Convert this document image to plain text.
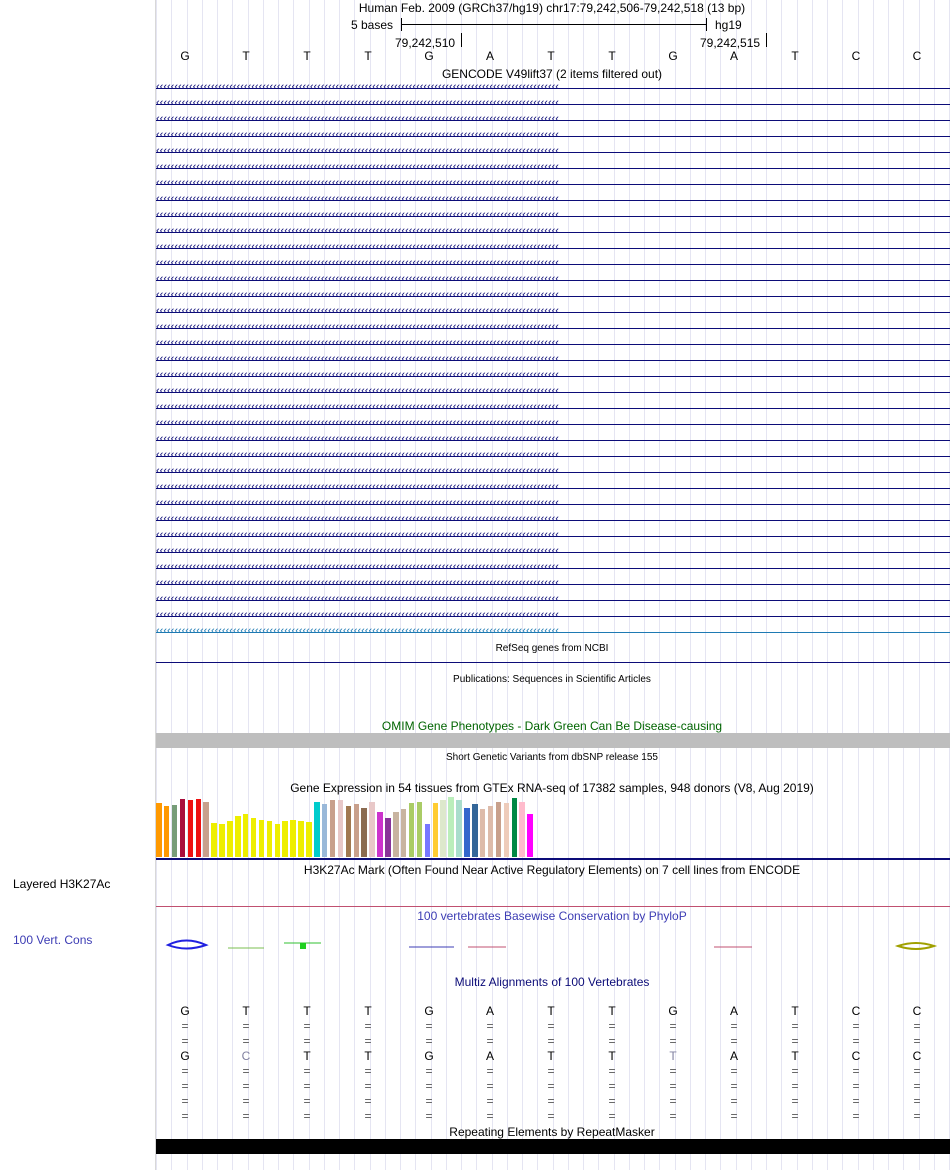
Layered H3K27Ac
100 Vert. Cons
Human Feb. 2009 (GRCh37/hg19) chr17:79,242,506-79,242,518 (13 bp)
5 bases	hg19
79,242,510	79,242,515
G	T	T	T	G	A	T	T	G	A	T	C	C
GENCODE V49lift37 (2 items filtered out)
‹‹‹‹‹‹‹‹‹‹‹‹‹‹‹‹‹‹‹‹‹‹‹‹‹‹‹‹‹‹‹‹‹‹‹‹‹‹‹‹‹‹‹‹‹‹‹‹‹‹‹‹‹‹‹‹‹‹‹‹‹‹‹‹‹‹‹‹‹‹‹‹‹‹‹‹‹‹‹‹‹‹‹‹‹‹‹‹‹‹‹‹‹‹‹‹‹‹‹‹‹‹‹‹‹‹‹‹‹‹
‹‹‹‹‹‹‹‹‹‹‹‹‹‹‹‹‹‹‹‹‹‹‹‹‹‹‹‹‹‹‹‹‹‹‹‹‹‹‹‹‹‹‹‹‹‹‹‹‹‹‹‹‹‹‹‹‹‹‹‹‹‹‹‹‹‹‹‹‹‹‹‹‹‹‹‹‹‹‹‹‹‹‹‹‹‹‹‹‹‹‹‹‹‹‹‹‹‹‹‹‹‹‹‹‹‹‹‹‹‹
‹‹‹‹‹‹‹‹‹‹‹‹‹‹‹‹‹‹‹‹‹‹‹‹‹‹‹‹‹‹‹‹‹‹‹‹‹‹‹‹‹‹‹‹‹‹‹‹‹‹‹‹‹‹‹‹‹‹‹‹‹‹‹‹‹‹‹‹‹‹‹‹‹‹‹‹‹‹‹‹‹‹‹‹‹‹‹‹‹‹‹‹‹‹‹‹‹‹‹‹‹‹‹‹‹‹‹‹‹‹
‹‹‹‹‹‹‹‹‹‹‹‹‹‹‹‹‹‹‹‹‹‹‹‹‹‹‹‹‹‹‹‹‹‹‹‹‹‹‹‹‹‹‹‹‹‹‹‹‹‹‹‹‹‹‹‹‹‹‹‹‹‹‹‹‹‹‹‹‹‹‹‹‹‹‹‹‹‹‹‹‹‹‹‹‹‹‹‹‹‹‹‹‹‹‹‹‹‹‹‹‹‹‹‹‹‹‹‹‹‹
‹‹‹‹‹‹‹‹‹‹‹‹‹‹‹‹‹‹‹‹‹‹‹‹‹‹‹‹‹‹‹‹‹‹‹‹‹‹‹‹‹‹‹‹‹‹‹‹‹‹‹‹‹‹‹‹‹‹‹‹‹‹‹‹‹‹‹‹‹‹‹‹‹‹‹‹‹‹‹‹‹‹‹‹‹‹‹‹‹‹‹‹‹‹‹‹‹‹‹‹‹‹‹‹‹‹‹‹‹‹
‹‹‹‹‹‹‹‹‹‹‹‹‹‹‹‹‹‹‹‹‹‹‹‹‹‹‹‹‹‹‹‹‹‹‹‹‹‹‹‹‹‹‹‹‹‹‹‹‹‹‹‹‹‹‹‹‹‹‹‹‹‹‹‹‹‹‹‹‹‹‹‹‹‹‹‹‹‹‹‹‹‹‹‹‹‹‹‹‹‹‹‹‹‹‹‹‹‹‹‹‹‹‹‹‹‹‹‹‹‹
‹‹‹‹‹‹‹‹‹‹‹‹‹‹‹‹‹‹‹‹‹‹‹‹‹‹‹‹‹‹‹‹‹‹‹‹‹‹‹‹‹‹‹‹‹‹‹‹‹‹‹‹‹‹‹‹‹‹‹‹‹‹‹‹‹‹‹‹‹‹‹‹‹‹‹‹‹‹‹‹‹‹‹‹‹‹‹‹‹‹‹‹‹‹‹‹‹‹‹‹‹‹‹‹‹‹‹‹‹‹
‹‹‹‹‹‹‹‹‹‹‹‹‹‹‹‹‹‹‹‹‹‹‹‹‹‹‹‹‹‹‹‹‹‹‹‹‹‹‹‹‹‹‹‹‹‹‹‹‹‹‹‹‹‹‹‹‹‹‹‹‹‹‹‹‹‹‹‹‹‹‹‹‹‹‹‹‹‹‹‹‹‹‹‹‹‹‹‹‹‹‹‹‹‹‹‹‹‹‹‹‹‹‹‹‹‹‹‹‹‹
‹‹‹‹‹‹‹‹‹‹‹‹‹‹‹‹‹‹‹‹‹‹‹‹‹‹‹‹‹‹‹‹‹‹‹‹‹‹‹‹‹‹‹‹‹‹‹‹‹‹‹‹‹‹‹‹‹‹‹‹‹‹‹‹‹‹‹‹‹‹‹‹‹‹‹‹‹‹‹‹‹‹‹‹‹‹‹‹‹‹‹‹‹‹‹‹‹‹‹‹‹‹‹‹‹‹‹‹‹‹
‹‹‹‹‹‹‹‹‹‹‹‹‹‹‹‹‹‹‹‹‹‹‹‹‹‹‹‹‹‹‹‹‹‹‹‹‹‹‹‹‹‹‹‹‹‹‹‹‹‹‹‹‹‹‹‹‹‹‹‹‹‹‹‹‹‹‹‹‹‹‹‹‹‹‹‹‹‹‹‹‹‹‹‹‹‹‹‹‹‹‹‹‹‹‹‹‹‹‹‹‹‹‹‹‹‹‹‹‹‹
‹‹‹‹‹‹‹‹‹‹‹‹‹‹‹‹‹‹‹‹‹‹‹‹‹‹‹‹‹‹‹‹‹‹‹‹‹‹‹‹‹‹‹‹‹‹‹‹‹‹‹‹‹‹‹‹‹‹‹‹‹‹‹‹‹‹‹‹‹‹‹‹‹‹‹‹‹‹‹‹‹‹‹‹‹‹‹‹‹‹‹‹‹‹‹‹‹‹‹‹‹‹‹‹‹‹‹‹‹‹
‹‹‹‹‹‹‹‹‹‹‹‹‹‹‹‹‹‹‹‹‹‹‹‹‹‹‹‹‹‹‹‹‹‹‹‹‹‹‹‹‹‹‹‹‹‹‹‹‹‹‹‹‹‹‹‹‹‹‹‹‹‹‹‹‹‹‹‹‹‹‹‹‹‹‹‹‹‹‹‹‹‹‹‹‹‹‹‹‹‹‹‹‹‹‹‹‹‹‹‹‹‹‹‹‹‹‹‹‹‹
‹‹‹‹‹‹‹‹‹‹‹‹‹‹‹‹‹‹‹‹‹‹‹‹‹‹‹‹‹‹‹‹‹‹‹‹‹‹‹‹‹‹‹‹‹‹‹‹‹‹‹‹‹‹‹‹‹‹‹‹‹‹‹‹‹‹‹‹‹‹‹‹‹‹‹‹‹‹‹‹‹‹‹‹‹‹‹‹‹‹‹‹‹‹‹‹‹‹‹‹‹‹‹‹‹‹‹‹‹‹
‹‹‹‹‹‹‹‹‹‹‹‹‹‹‹‹‹‹‹‹‹‹‹‹‹‹‹‹‹‹‹‹‹‹‹‹‹‹‹‹‹‹‹‹‹‹‹‹‹‹‹‹‹‹‹‹‹‹‹‹‹‹‹‹‹‹‹‹‹‹‹‹‹‹‹‹‹‹‹‹‹‹‹‹‹‹‹‹‹‹‹‹‹‹‹‹‹‹‹‹‹‹‹‹‹‹‹‹‹‹
‹‹‹‹‹‹‹‹‹‹‹‹‹‹‹‹‹‹‹‹‹‹‹‹‹‹‹‹‹‹‹‹‹‹‹‹‹‹‹‹‹‹‹‹‹‹‹‹‹‹‹‹‹‹‹‹‹‹‹‹‹‹‹‹‹‹‹‹‹‹‹‹‹‹‹‹‹‹‹‹‹‹‹‹‹‹‹‹‹‹‹‹‹‹‹‹‹‹‹‹‹‹‹‹‹‹‹‹‹‹
‹‹‹‹‹‹‹‹‹‹‹‹‹‹‹‹‹‹‹‹‹‹‹‹‹‹‹‹‹‹‹‹‹‹‹‹‹‹‹‹‹‹‹‹‹‹‹‹‹‹‹‹‹‹‹‹‹‹‹‹‹‹‹‹‹‹‹‹‹‹‹‹‹‹‹‹‹‹‹‹‹‹‹‹‹‹‹‹‹‹‹‹‹‹‹‹‹‹‹‹‹‹‹‹‹‹‹‹‹‹
‹‹‹‹‹‹‹‹‹‹‹‹‹‹‹‹‹‹‹‹‹‹‹‹‹‹‹‹‹‹‹‹‹‹‹‹‹‹‹‹‹‹‹‹‹‹‹‹‹‹‹‹‹‹‹‹‹‹‹‹‹‹‹‹‹‹‹‹‹‹‹‹‹‹‹‹‹‹‹‹‹‹‹‹‹‹‹‹‹‹‹‹‹‹‹‹‹‹‹‹‹‹‹‹‹‹‹‹‹‹
‹‹‹‹‹‹‹‹‹‹‹‹‹‹‹‹‹‹‹‹‹‹‹‹‹‹‹‹‹‹‹‹‹‹‹‹‹‹‹‹‹‹‹‹‹‹‹‹‹‹‹‹‹‹‹‹‹‹‹‹‹‹‹‹‹‹‹‹‹‹‹‹‹‹‹‹‹‹‹‹‹‹‹‹‹‹‹‹‹‹‹‹‹‹‹‹‹‹‹‹‹‹‹‹‹‹‹‹‹‹
‹‹‹‹‹‹‹‹‹‹‹‹‹‹‹‹‹‹‹‹‹‹‹‹‹‹‹‹‹‹‹‹‹‹‹‹‹‹‹‹‹‹‹‹‹‹‹‹‹‹‹‹‹‹‹‹‹‹‹‹‹‹‹‹‹‹‹‹‹‹‹‹‹‹‹‹‹‹‹‹‹‹‹‹‹‹‹‹‹‹‹‹‹‹‹‹‹‹‹‹‹‹‹‹‹‹‹‹‹‹
‹‹‹‹‹‹‹‹‹‹‹‹‹‹‹‹‹‹‹‹‹‹‹‹‹‹‹‹‹‹‹‹‹‹‹‹‹‹‹‹‹‹‹‹‹‹‹‹‹‹‹‹‹‹‹‹‹‹‹‹‹‹‹‹‹‹‹‹‹‹‹‹‹‹‹‹‹‹‹‹‹‹‹‹‹‹‹‹‹‹‹‹‹‹‹‹‹‹‹‹‹‹‹‹‹‹‹‹‹‹
‹‹‹‹‹‹‹‹‹‹‹‹‹‹‹‹‹‹‹‹‹‹‹‹‹‹‹‹‹‹‹‹‹‹‹‹‹‹‹‹‹‹‹‹‹‹‹‹‹‹‹‹‹‹‹‹‹‹‹‹‹‹‹‹‹‹‹‹‹‹‹‹‹‹‹‹‹‹‹‹‹‹‹‹‹‹‹‹‹‹‹‹‹‹‹‹‹‹‹‹‹‹‹‹‹‹‹‹‹‹
‹‹‹‹‹‹‹‹‹‹‹‹‹‹‹‹‹‹‹‹‹‹‹‹‹‹‹‹‹‹‹‹‹‹‹‹‹‹‹‹‹‹‹‹‹‹‹‹‹‹‹‹‹‹‹‹‹‹‹‹‹‹‹‹‹‹‹‹‹‹‹‹‹‹‹‹‹‹‹‹‹‹‹‹‹‹‹‹‹‹‹‹‹‹‹‹‹‹‹‹‹‹‹‹‹‹‹‹‹‹
‹‹‹‹‹‹‹‹‹‹‹‹‹‹‹‹‹‹‹‹‹‹‹‹‹‹‹‹‹‹‹‹‹‹‹‹‹‹‹‹‹‹‹‹‹‹‹‹‹‹‹‹‹‹‹‹‹‹‹‹‹‹‹‹‹‹‹‹‹‹‹‹‹‹‹‹‹‹‹‹‹‹‹‹‹‹‹‹‹‹‹‹‹‹‹‹‹‹‹‹‹‹‹‹‹‹‹‹‹‹
‹‹‹‹‹‹‹‹‹‹‹‹‹‹‹‹‹‹‹‹‹‹‹‹‹‹‹‹‹‹‹‹‹‹‹‹‹‹‹‹‹‹‹‹‹‹‹‹‹‹‹‹‹‹‹‹‹‹‹‹‹‹‹‹‹‹‹‹‹‹‹‹‹‹‹‹‹‹‹‹‹‹‹‹‹‹‹‹‹‹‹‹‹‹‹‹‹‹‹‹‹‹‹‹‹‹‹‹‹‹
‹‹‹‹‹‹‹‹‹‹‹‹‹‹‹‹‹‹‹‹‹‹‹‹‹‹‹‹‹‹‹‹‹‹‹‹‹‹‹‹‹‹‹‹‹‹‹‹‹‹‹‹‹‹‹‹‹‹‹‹‹‹‹‹‹‹‹‹‹‹‹‹‹‹‹‹‹‹‹‹‹‹‹‹‹‹‹‹‹‹‹‹‹‹‹‹‹‹‹‹‹‹‹‹‹‹‹‹‹‹
‹‹‹‹‹‹‹‹‹‹‹‹‹‹‹‹‹‹‹‹‹‹‹‹‹‹‹‹‹‹‹‹‹‹‹‹‹‹‹‹‹‹‹‹‹‹‹‹‹‹‹‹‹‹‹‹‹‹‹‹‹‹‹‹‹‹‹‹‹‹‹‹‹‹‹‹‹‹‹‹‹‹‹‹‹‹‹‹‹‹‹‹‹‹‹‹‹‹‹‹‹‹‹‹‹‹‹‹‹‹
‹‹‹‹‹‹‹‹‹‹‹‹‹‹‹‹‹‹‹‹‹‹‹‹‹‹‹‹‹‹‹‹‹‹‹‹‹‹‹‹‹‹‹‹‹‹‹‹‹‹‹‹‹‹‹‹‹‹‹‹‹‹‹‹‹‹‹‹‹‹‹‹‹‹‹‹‹‹‹‹‹‹‹‹‹‹‹‹‹‹‹‹‹‹‹‹‹‹‹‹‹‹‹‹‹‹‹‹‹‹
‹‹‹‹‹‹‹‹‹‹‹‹‹‹‹‹‹‹‹‹‹‹‹‹‹‹‹‹‹‹‹‹‹‹‹‹‹‹‹‹‹‹‹‹‹‹‹‹‹‹‹‹‹‹‹‹‹‹‹‹‹‹‹‹‹‹‹‹‹‹‹‹‹‹‹‹‹‹‹‹‹‹‹‹‹‹‹‹‹‹‹‹‹‹‹‹‹‹‹‹‹‹‹‹‹‹‹‹‹‹
‹‹‹‹‹‹‹‹‹‹‹‹‹‹‹‹‹‹‹‹‹‹‹‹‹‹‹‹‹‹‹‹‹‹‹‹‹‹‹‹‹‹‹‹‹‹‹‹‹‹‹‹‹‹‹‹‹‹‹‹‹‹‹‹‹‹‹‹‹‹‹‹‹‹‹‹‹‹‹‹‹‹‹‹‹‹‹‹‹‹‹‹‹‹‹‹‹‹‹‹‹‹‹‹‹‹‹‹‹‹
‹‹‹‹‹‹‹‹‹‹‹‹‹‹‹‹‹‹‹‹‹‹‹‹‹‹‹‹‹‹‹‹‹‹‹‹‹‹‹‹‹‹‹‹‹‹‹‹‹‹‹‹‹‹‹‹‹‹‹‹‹‹‹‹‹‹‹‹‹‹‹‹‹‹‹‹‹‹‹‹‹‹‹‹‹‹‹‹‹‹‹‹‹‹‹‹‹‹‹‹‹‹‹‹‹‹‹‹‹‹
‹‹‹‹‹‹‹‹‹‹‹‹‹‹‹‹‹‹‹‹‹‹‹‹‹‹‹‹‹‹‹‹‹‹‹‹‹‹‹‹‹‹‹‹‹‹‹‹‹‹‹‹‹‹‹‹‹‹‹‹‹‹‹‹‹‹‹‹‹‹‹‹‹‹‹‹‹‹‹‹‹‹‹‹‹‹‹‹‹‹‹‹‹‹‹‹‹‹‹‹‹‹‹‹‹‹‹‹‹‹
‹‹‹‹‹‹‹‹‹‹‹‹‹‹‹‹‹‹‹‹‹‹‹‹‹‹‹‹‹‹‹‹‹‹‹‹‹‹‹‹‹‹‹‹‹‹‹‹‹‹‹‹‹‹‹‹‹‹‹‹‹‹‹‹‹‹‹‹‹‹‹‹‹‹‹‹‹‹‹‹‹‹‹‹‹‹‹‹‹‹‹‹‹‹‹‹‹‹‹‹‹‹‹‹‹‹‹‹‹‹
‹‹‹‹‹‹‹‹‹‹‹‹‹‹‹‹‹‹‹‹‹‹‹‹‹‹‹‹‹‹‹‹‹‹‹‹‹‹‹‹‹‹‹‹‹‹‹‹‹‹‹‹‹‹‹‹‹‹‹‹‹‹‹‹‹‹‹‹‹‹‹‹‹‹‹‹‹‹‹‹‹‹‹‹‹‹‹‹‹‹‹‹‹‹‹‹‹‹‹‹‹‹‹‹‹‹‹‹‹‹
‹‹‹‹‹‹‹‹‹‹‹‹‹‹‹‹‹‹‹‹‹‹‹‹‹‹‹‹‹‹‹‹‹‹‹‹‹‹‹‹‹‹‹‹‹‹‹‹‹‹‹‹‹‹‹‹‹‹‹‹‹‹‹‹‹‹‹‹‹‹‹‹‹‹‹‹‹‹‹‹‹‹‹‹‹‹‹‹‹‹‹‹‹‹‹‹‹‹‹‹‹‹‹‹‹‹‹‹‹‹
‹‹‹‹‹‹‹‹‹‹‹‹‹‹‹‹‹‹‹‹‹‹‹‹‹‹‹‹‹‹‹‹‹‹‹‹‹‹‹‹‹‹‹‹‹‹‹‹‹‹‹‹‹‹‹‹‹‹‹‹‹‹‹‹‹‹‹‹‹‹‹‹‹‹‹‹‹‹‹‹‹‹‹‹‹‹‹‹‹‹‹‹‹‹‹‹‹‹‹‹‹‹‹‹‹‹‹‹‹‹
RefSeq genes from NCBI
Publications: Sequences in Scientific Articles
OMIM Gene Phenotypes - Dark Green Can Be Disease-causing
Short Genetic Variants from dbSNP release 155
Gene Expression in 54 tissues from GTEx RNA-seq of 17382 samples, 948 donors (V8, Aug 2019)
H3K27Ac Mark (Often Found Near Active Regulatory Elements) on 7 cell lines from ENCODE
100 vertebrates Basewise Conservation by PhyloP
Multiz Alignments of 100 Vertebrates
G	T	T	T	G	A	T	T	G	A	T	C	C
=	=	=	=	=	=	=	=	=	=	=	=	=
=	=	=	=	=	=	=	=	=	=	=	=	=
G	C	T	T	G	A	T	T	T	A	T	C	C
=	=	=	=	=	=	=	=	=	=	=	=	=
=	=	=	=	=	=	=	=	=	=	=	=	=
=	=	=	=	=	=	=	=	=	=	=	=	=
=	=	=	=	=	=	=	=	=	=	=	=	=
Repeating Elements by RepeatMasker
